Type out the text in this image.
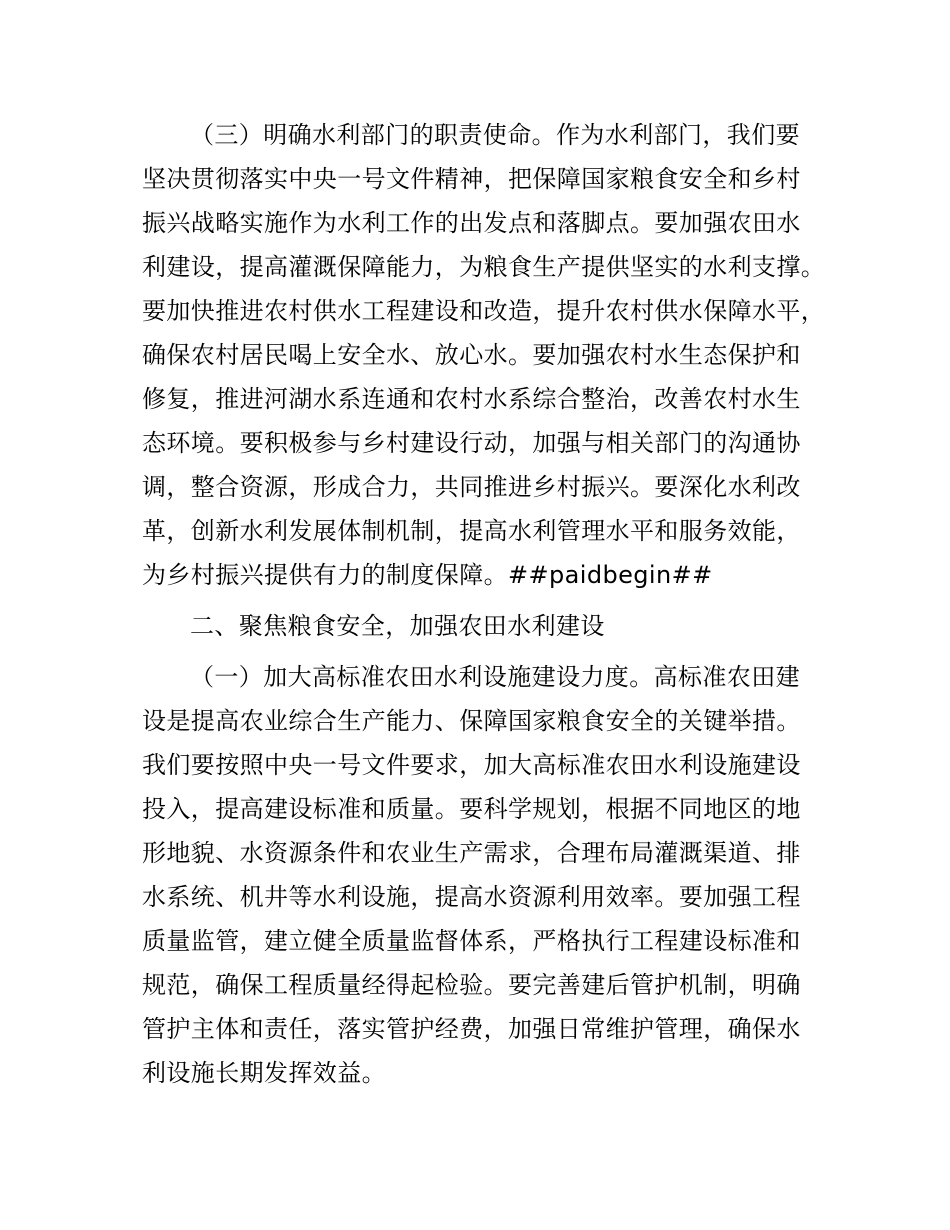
（三）明确水利部门的职责使命。作为水利部门，我们要

坚决贯彻落实中央一号文件精神，把保障国家粮食安全和乡村

振兴战略实施作为水利工作的出发点和落脚点。要加强农田水

利建设，提高灌溉保障能力，为粮食生产提供坚实的水利支撑。

要加快推进农村供水工程建设和改造，提升农村供水保障水平，

确保农村居民喝上安全水、放心水。要加强农村水生态保护和

修复，推进河湖水系连通和农村水系综合整治，改善农村水生

态环境。要积极参与乡村建设行动，加强与相关部门的沟通协

调，整合资源，形成合力，共同推进乡村振兴。要深化水利改

革，创新水利发展体制机制，提高水利管理水平和服务效能，

为乡村振兴提供有力的制度保障。##paidbegin##

二、聚焦粮食安全，加强农田水利建设

（一）加大高标准农田水利设施建设力度。高标准农田建

设是提高农业综合生产能力、保障国家粮食安全的关键举措。

我们要按照中央一号文件要求，加大高标准农田水利设施建设

投入，提高建设标准和质量。要科学规划，根据不同地区的地

形地貌、水资源条件和农业生产需求，合理布局灌溉渠道、排

水系统、机井等水利设施，提高水资源利用效率。要加强工程

质量监管，建立健全质量监督体系，严格执行工程建设标准和

规范，确保工程质量经得起检验。要完善建后管护机制，明确

管护主体和责任，落实管护经费，加强日常维护管理，确保水

利设施长期发挥效益。
